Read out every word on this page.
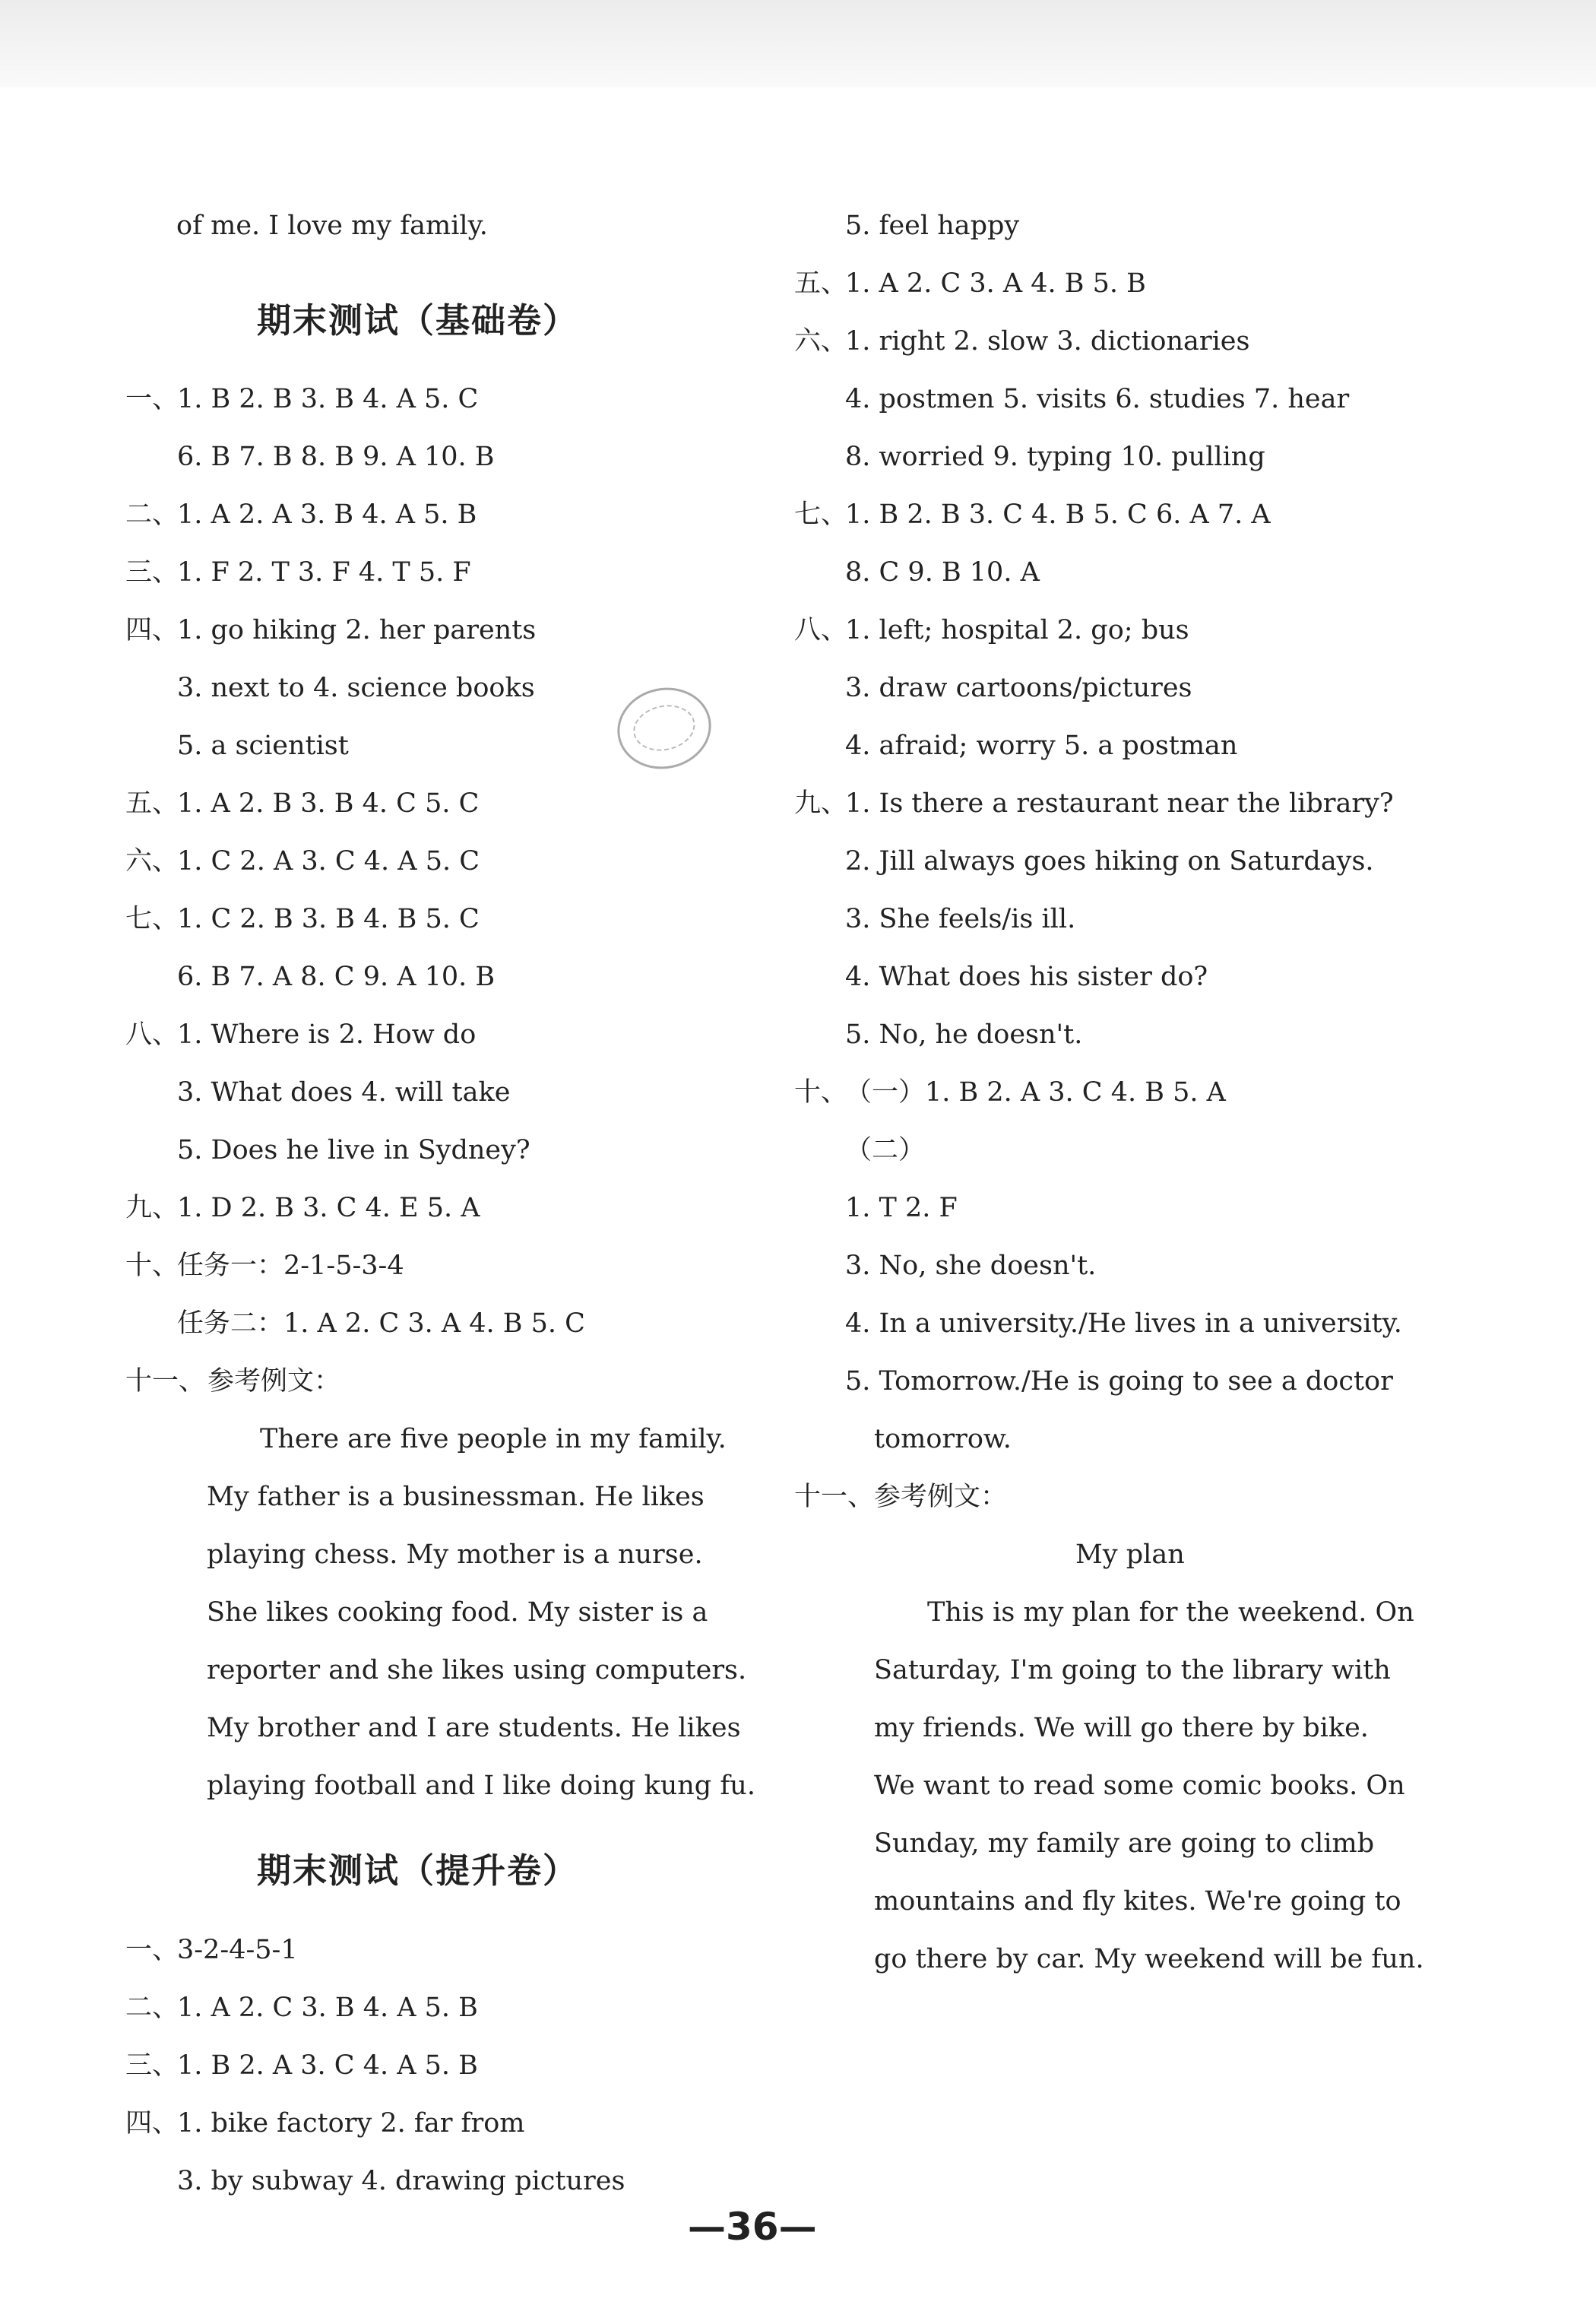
of me. I love my family.
期末测试（基础卷）
一、1. B 2. B 3. B 4. A 5. C
6. B 7. B 8. B 9. A 10. B
二、1. A 2. A 3. B 4. A 5. B
三、1. F 2. T 3. F 4. T 5. F
四、1. go hiking 2. her parents
3. next to 4. science books
5. a scientist
五、1. A 2. B 3. B 4. C 5. C
六、1. C 2. A 3. C 4. A 5. C
七、1. C 2. B 3. B 4. B 5. C
6. B 7. A 8. C 9. A 10. B
八、1. Where is 2. How do
3. What does 4. will take
5. Does he live in Sydney?
九、1. D 2. B 3. C 4. E 5. A
十、任务一：2-1-5-3-4
任务二：1. A 2. C 3. A 4. B 5. C
十一、参考例文：
There are five people in my family.
My father is a businessman. He likes
playing chess. My mother is a nurse.
She likes cooking food. My sister is a
reporter and she likes using computers.
My brother and I are students. He likes
playing football and I like doing kung fu.
期末测试（提升卷）
一、3-2-4-5-1
二、1. A 2. C 3. B 4. A 5. B
三、1. B 2. A 3. C 4. A 5. B
四、1. bike factory 2. far from
3. by subway 4. drawing pictures
5. feel happy
五、1. A 2. C 3. A 4. B 5. B
六、1. right 2. slow 3. dictionaries
4. postmen 5. visits 6. studies 7. hear
8. worried 9. typing 10. pulling
七、1. B 2. B 3. C 4. B 5. C 6. A 7. A
8. C 9. B 10. A
八、1. left; hospital 2. go; bus
3. draw cartoons/pictures
4. afraid; worry 5. a postman
九、1. Is there a restaurant near the library?
2. Jill always goes hiking on Saturdays.
3. She feels/is ill.
4. What does his sister do?
5. No, he doesn't.
十、（一）1. B 2. A 3. C 4. B 5. A
（二）
1. T 2. F
3. No, she doesn't.
4. In a university./He lives in a university.
5. Tomorrow./He is going to see a doctor
tomorrow.
十一、参考例文：
My plan
This is my plan for the weekend. On
Saturday, I'm going to the library with
my friends. We will go there by bike.
We want to read some comic books. On
Sunday, my family are going to climb
mountains and fly kites. We're going to
go there by car. My weekend will be fun.
—36—
